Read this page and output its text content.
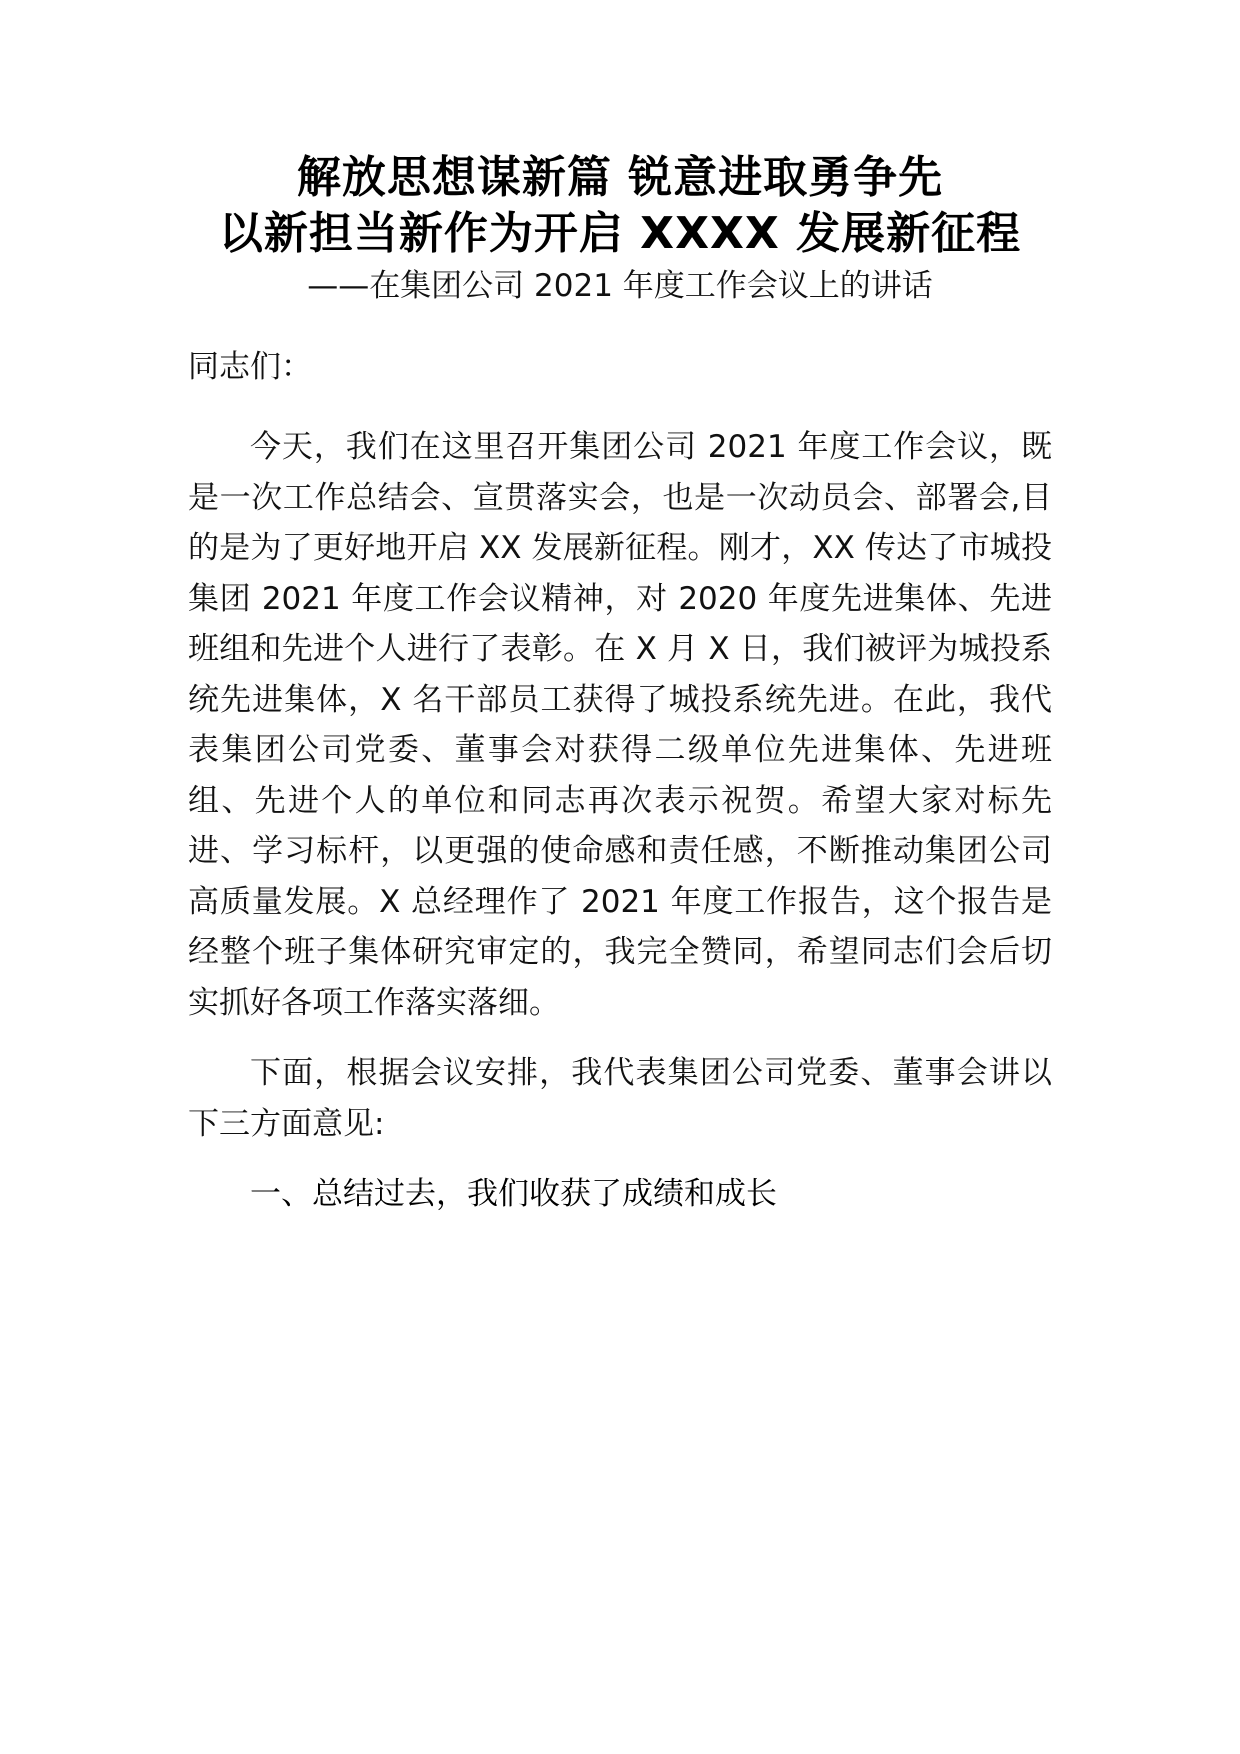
解放思想谋新篇 锐意进取勇争先
以新担当新作为开启 XXXX 发展新征程
——在集团公司 2021 年度工作会议上的讲话

同志们：

今天，我们在这里召开集团公司 2021 年度工作会议，既是一次工作总结会、宣贯落实会，也是一次动员会、部署会,目的是为了更好地开启 XX 发展新征程。刚才，XX 传达了市城投集团 2021 年度工作会议精神，对 2020 年度先进集体、先进班组和先进个人进行了表彰。在 X 月 X 日，我们被评为城投系统先进集体，X 名干部员工获得了城投系统先进。在此，我代表集团公司党委、董事会对获得二级单位先进集体、先进班组、先进个人的单位和同志再次表示祝贺。希望大家对标先进、学习标杆，以更强的使命感和责任感，不断推动集团公司高质量发展。X 总经理作了 2021 年度工作报告，这个报告是经整个班子集体研究审定的，我完全赞同，希望同志们会后切实抓好各项工作落实落细。

下面，根据会议安排，我代表集团公司党委、董事会讲以下三方面意见:

一、总结过去，我们收获了成绩和成长
